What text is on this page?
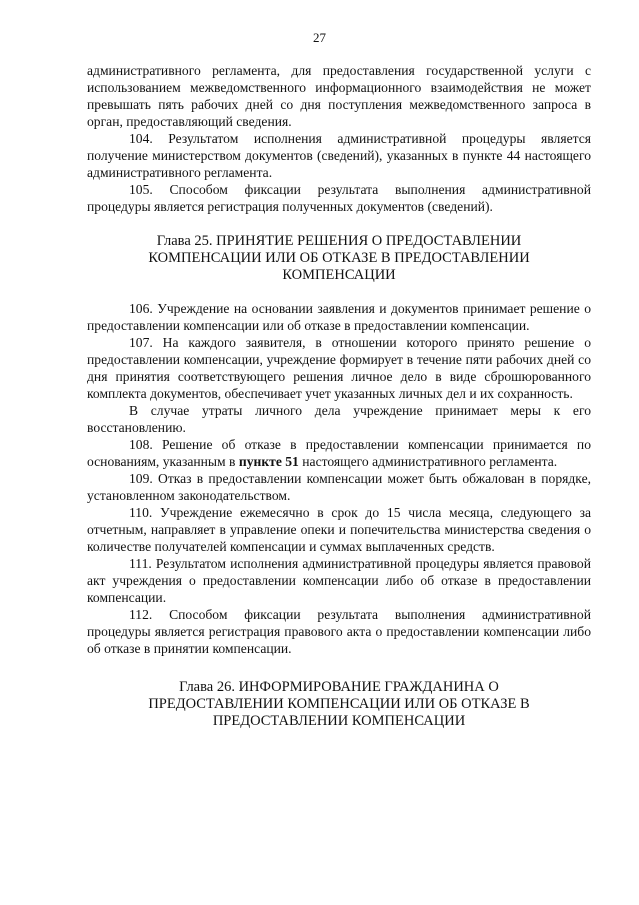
27

административного регламента, для предоставления государственной услуги с использованием межведомственного информационного взаимодействия не может превышать пять рабочих дней со дня поступления межведомственного запроса в орган, предоставляющий сведения.

104. Результатом исполнения административной процедуры является получение министерством документов (сведений), указанных в пункте 44 настоящего административного регламента.

105. Способом фиксации результата выполнения административной процедуры является регистрация полученных документов (сведений).

Глава 25. ПРИНЯТИЕ РЕШЕНИЯ О ПРЕДОСТАВЛЕНИИ
КОМПЕНСАЦИИ ИЛИ ОБ ОТКАЗЕ В ПРЕДОСТАВЛЕНИИ
КОМПЕНСАЦИИ

106. Учреждение на основании заявления и документов принимает решение о предоставлении компенсации или об отказе в предоставлении компенсации.

107. На каждого заявителя, в отношении которого принято решение о предоставлении компенсации, учреждение формирует в течение пяти рабочих дней со дня принятия соответствующего решения личное дело в виде сброшюрованного комплекта документов, обеспечивает учет указанных личных дел и их сохранность.

В случае утраты личного дела учреждение принимает меры к его восстановлению.

108. Решение об отказе в предоставлении компенсации принимается по основаниям, указанным в пункте 51 настоящего административного регламента.

109. Отказ в предоставлении компенсации может быть обжалован в порядке, установленном законодательством.

110. Учреждение ежемесячно в срок до 15 числа месяца, следующего за отчетным, направляет в управление опеки и попечительства министерства сведения о количестве получателей компенсации и суммах выплаченных средств.

111. Результатом исполнения административной процедуры является правовой акт учреждения о предоставлении компенсации либо об отказе в предоставлении компенсации.

112. Способом фиксации результата выполнения административной процедуры является регистрация правового акта о предоставлении компенсации либо об отказе в принятии компенсации.

Глава 26. ИНФОРМИРОВАНИЕ ГРАЖДАНИНА О
ПРЕДОСТАВЛЕНИИ КОМПЕНСАЦИИ ИЛИ ОБ ОТКАЗЕ В
ПРЕДОСТАВЛЕНИИ КОМПЕНСАЦИИ
